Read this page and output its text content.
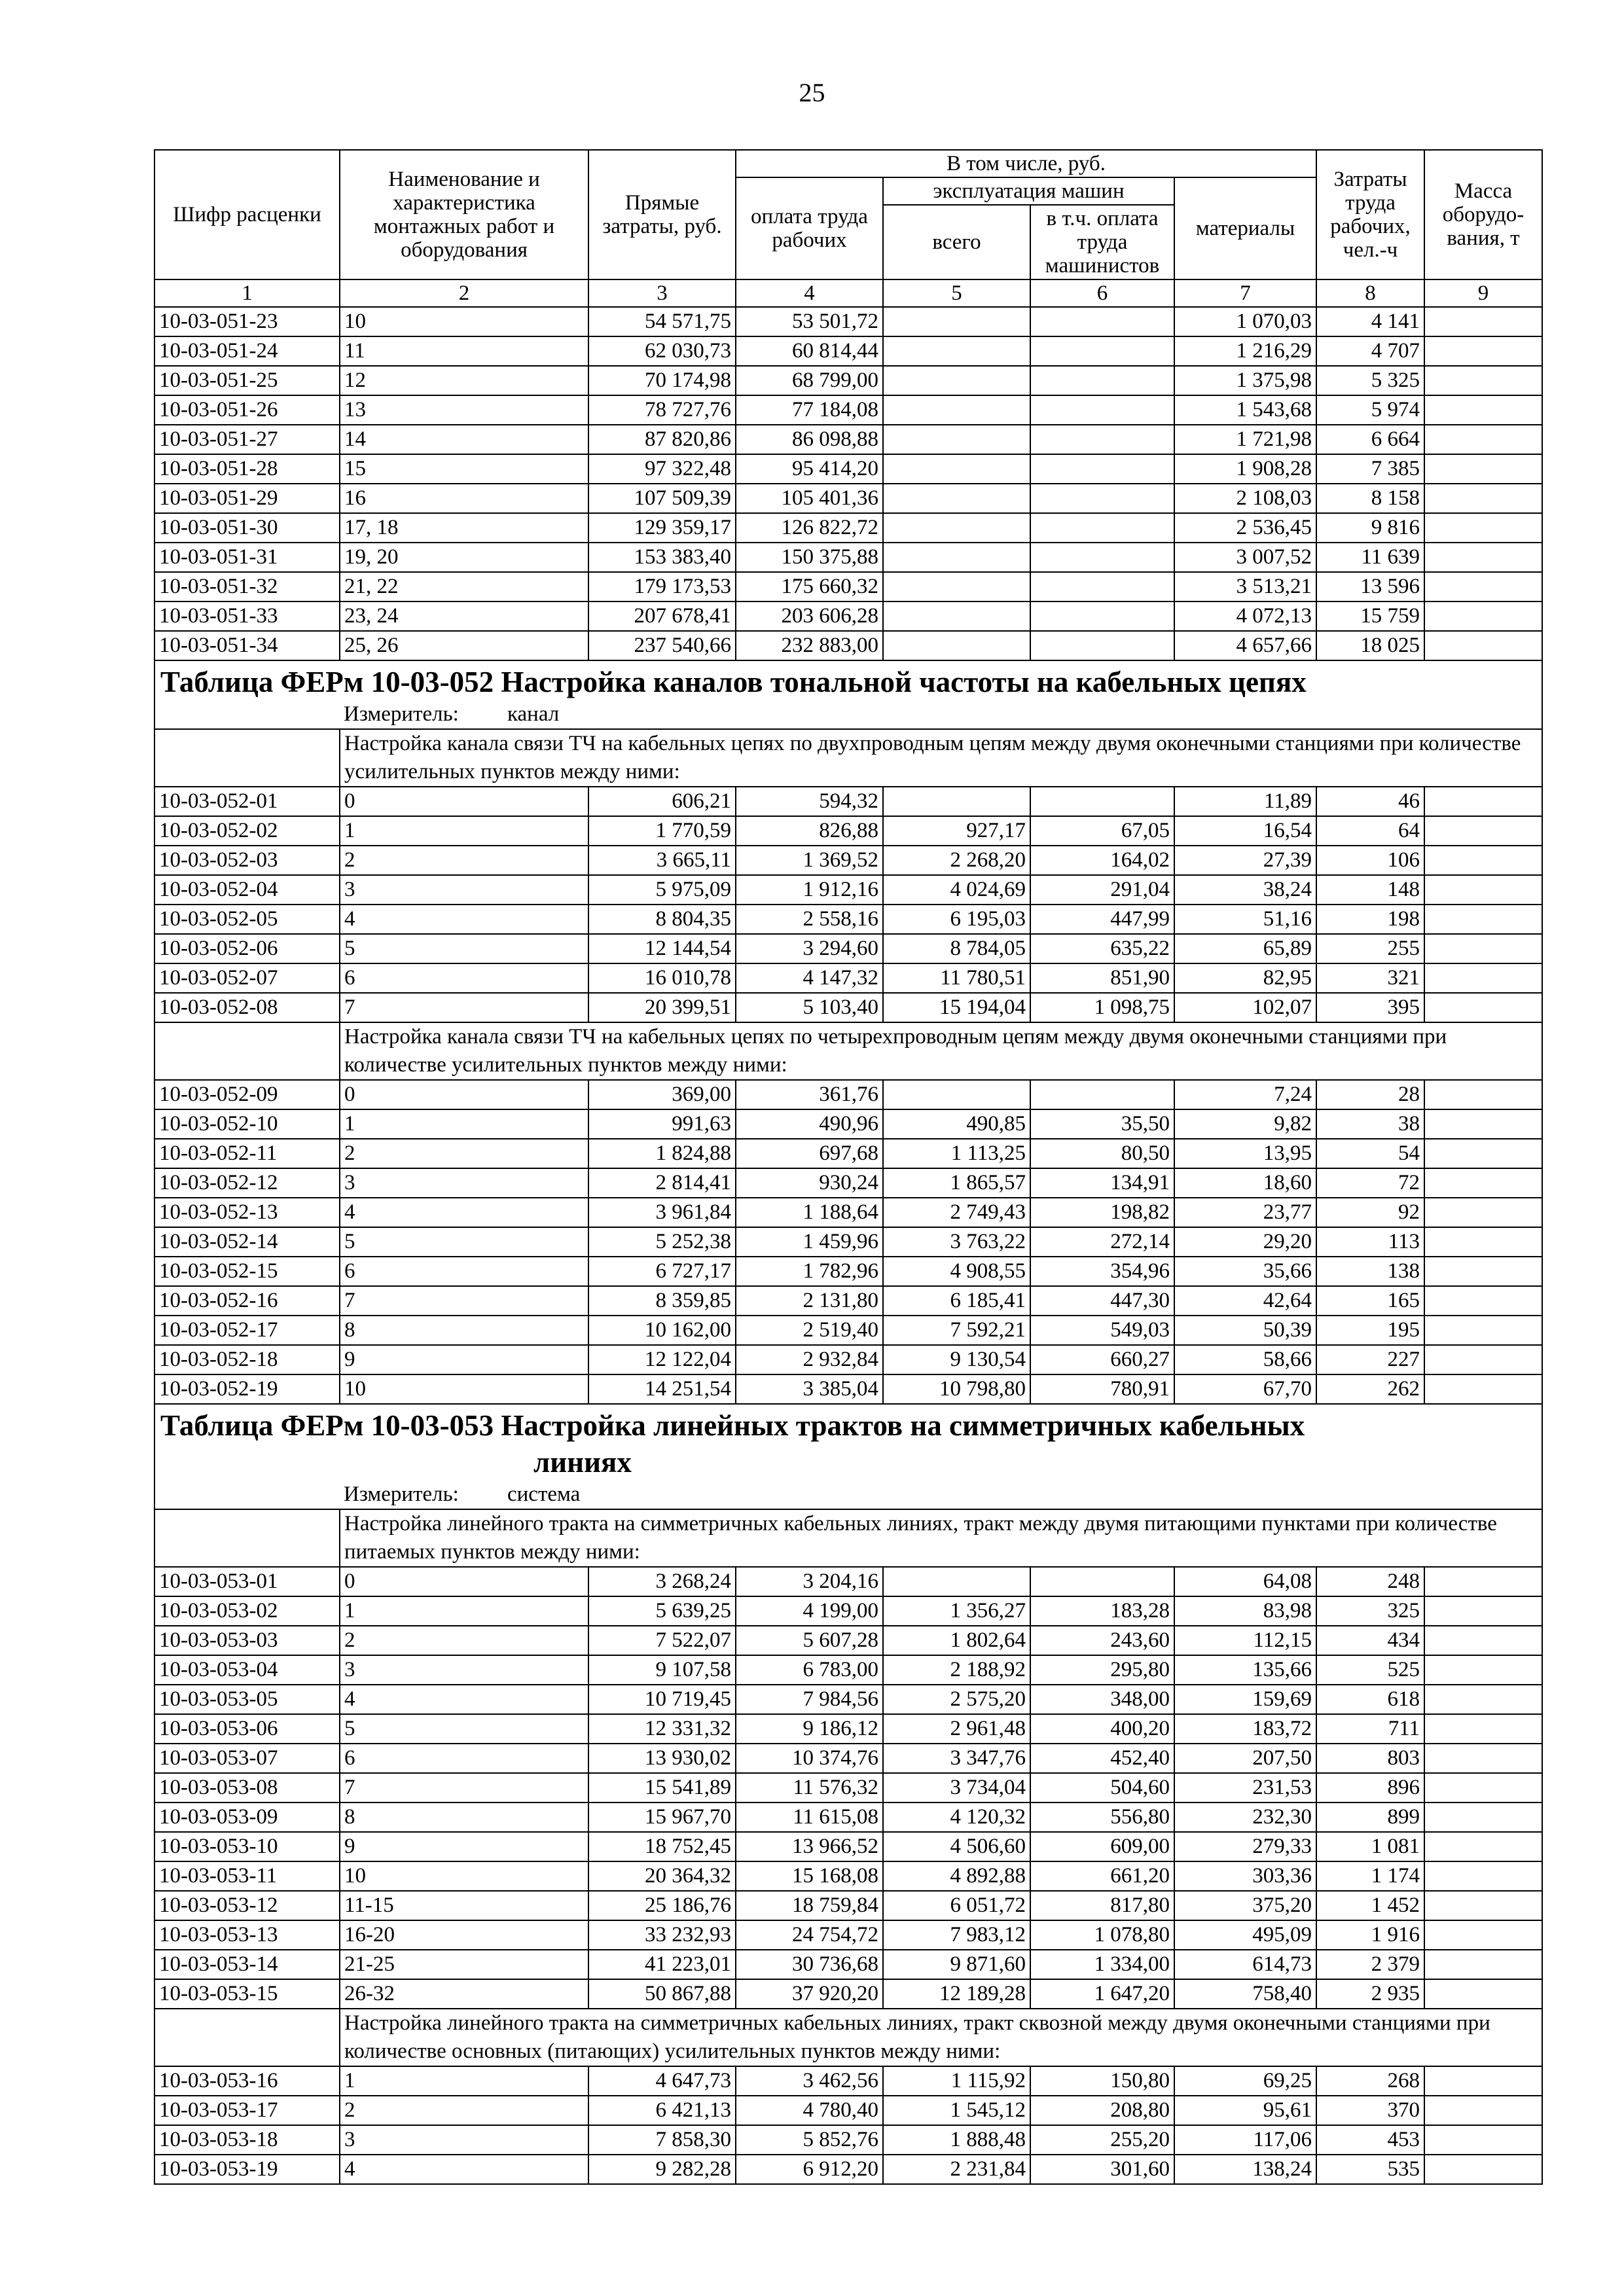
25
Шифр расценки	Наименование и характеристика монтажных работ и оборудования	Прямые затраты, руб.	В том числе, руб.				Затраты труда рабочих, чел.-ч	Масса оборудо-вания, т
			оплата труда рабочих	эксплуатация машин		материалы		
				всего	в т.ч. оплата труда машинистов			
1	2	3	4	5	6	7	8	9
10-03-051-23	10	54 571,75	53 501,72			1 070,03	4 141	
10-03-051-24	11	62 030,73	60 814,44			1 216,29	4 707	
10-03-051-25	12	70 174,98	68 799,00			1 375,98	5 325	
10-03-051-26	13	78 727,76	77 184,08			1 543,68	5 974	
10-03-051-27	14	87 820,86	86 098,88			1 721,98	6 664	
10-03-051-28	15	97 322,48	95 414,20			1 908,28	7 385	
10-03-051-29	16	107 509,39	105 401,36			2 108,03	8 158	
10-03-051-30	17, 18	129 359,17	126 822,72			2 536,45	9 816	
10-03-051-31	19, 20	153 383,40	150 375,88			3 007,52	11 639	
10-03-051-32	21, 22	179 173,53	175 660,32			3 513,21	13 596	
10-03-051-33	23, 24	207 678,41	203 606,28			4 072,13	15 759	
10-03-051-34	25, 26	237 540,66	232 883,00			4 657,66	18 025	
Таблица ФЕРм 10-03-052 Настройка каналов тональной частоты на кабельных цепях								
	Измеритель: канал							
	Настройка канала связи ТЧ на кабельных цепях по двухпроводным цепям между двумя оконечными станциями при количестве усилительных пунктов между ними:							
10-03-052-01	0	606,21	594,32			11,89	46	
10-03-052-02	1	1 770,59	826,88	927,17	67,05	16,54	64	
10-03-052-03	2	3 665,11	1 369,52	2 268,20	164,02	27,39	106	
10-03-052-04	3	5 975,09	1 912,16	4 024,69	291,04	38,24	148	
10-03-052-05	4	8 804,35	2 558,16	6 195,03	447,99	51,16	198	
10-03-052-06	5	12 144,54	3 294,60	8 784,05	635,22	65,89	255	
10-03-052-07	6	16 010,78	4 147,32	11 780,51	851,90	82,95	321	
10-03-052-08	7	20 399,51	5 103,40	15 194,04	1 098,75	102,07	395	
	Настройка канала связи ТЧ на кабельных цепях по четырехпроводным цепям между двумя оконечными станциями при количестве усилительных пунктов между ними:							
10-03-052-09	0	369,00	361,76			7,24	28	
10-03-052-10	1	991,63	490,96	490,85	35,50	9,82	38	
10-03-052-11	2	1 824,88	697,68	1 113,25	80,50	13,95	54	
10-03-052-12	3	2 814,41	930,24	1 865,57	134,91	18,60	72	
10-03-052-13	4	3 961,84	1 188,64	2 749,43	198,82	23,77	92	
10-03-052-14	5	5 252,38	1 459,96	3 763,22	272,14	29,20	113	
10-03-052-15	6	6 727,17	1 782,96	4 908,55	354,96	35,66	138	
10-03-052-16	7	8 359,85	2 131,80	6 185,41	447,30	42,64	165	
10-03-052-17	8	10 162,00	2 519,40	7 592,21	549,03	50,39	195	
10-03-052-18	9	12 122,04	2 932,84	9 130,54	660,27	58,66	227	
10-03-052-19	10	14 251,54	3 385,04	10 798,80	780,91	67,70	262	

Таблица ФЕРм 10-03-053 Настройка линейных трактов на симметричных кабельных
линиях								

	Измеритель: система							
	Настройка линейного тракта на симметричных кабельных линиях, тракт между двумя питающими пунктами при количестве питаемых пунктов между ними:							
10-03-053-01	0	3 268,24	3 204,16			64,08	248	
10-03-053-02	1	5 639,25	4 199,00	1 356,27	183,28	83,98	325	
10-03-053-03	2	7 522,07	5 607,28	1 802,64	243,60	112,15	434	
10-03-053-04	3	9 107,58	6 783,00	2 188,92	295,80	135,66	525	
10-03-053-05	4	10 719,45	7 984,56	2 575,20	348,00	159,69	618	
10-03-053-06	5	12 331,32	9 186,12	2 961,48	400,20	183,72	711	
10-03-053-07	6	13 930,02	10 374,76	3 347,76	452,40	207,50	803	
10-03-053-08	7	15 541,89	11 576,32	3 734,04	504,60	231,53	896	
10-03-053-09	8	15 967,70	11 615,08	4 120,32	556,80	232,30	899	
10-03-053-10	9	18 752,45	13 966,52	4 506,60	609,00	279,33	1 081	
10-03-053-11	10	20 364,32	15 168,08	4 892,88	661,20	303,36	1 174	
10-03-053-12	11-15	25 186,76	18 759,84	6 051,72	817,80	375,20	1 452	
10-03-053-13	16-20	33 232,93	24 754,72	7 983,12	1 078,80	495,09	1 916	
10-03-053-14	21-25	41 223,01	30 736,68	9 871,60	1 334,00	614,73	2 379	
10-03-053-15	26-32	50 867,88	37 920,20	12 189,28	1 647,20	758,40	2 935	
	Настройка линейного тракта на симметричных кабельных линиях, тракт сквозной между двумя оконечными станциями при количестве основных (питающих) усилительных пунктов между ними:							
10-03-053-16	1	4 647,73	3 462,56	1 115,92	150,80	69,25	268	
10-03-053-17	2	6 421,13	4 780,40	1 545,12	208,80	95,61	370	
10-03-053-18	3	7 858,30	5 852,76	1 888,48	255,20	117,06	453	
10-03-053-19	4	9 282,28	6 912,20	2 231,84	301,60	138,24	535	
